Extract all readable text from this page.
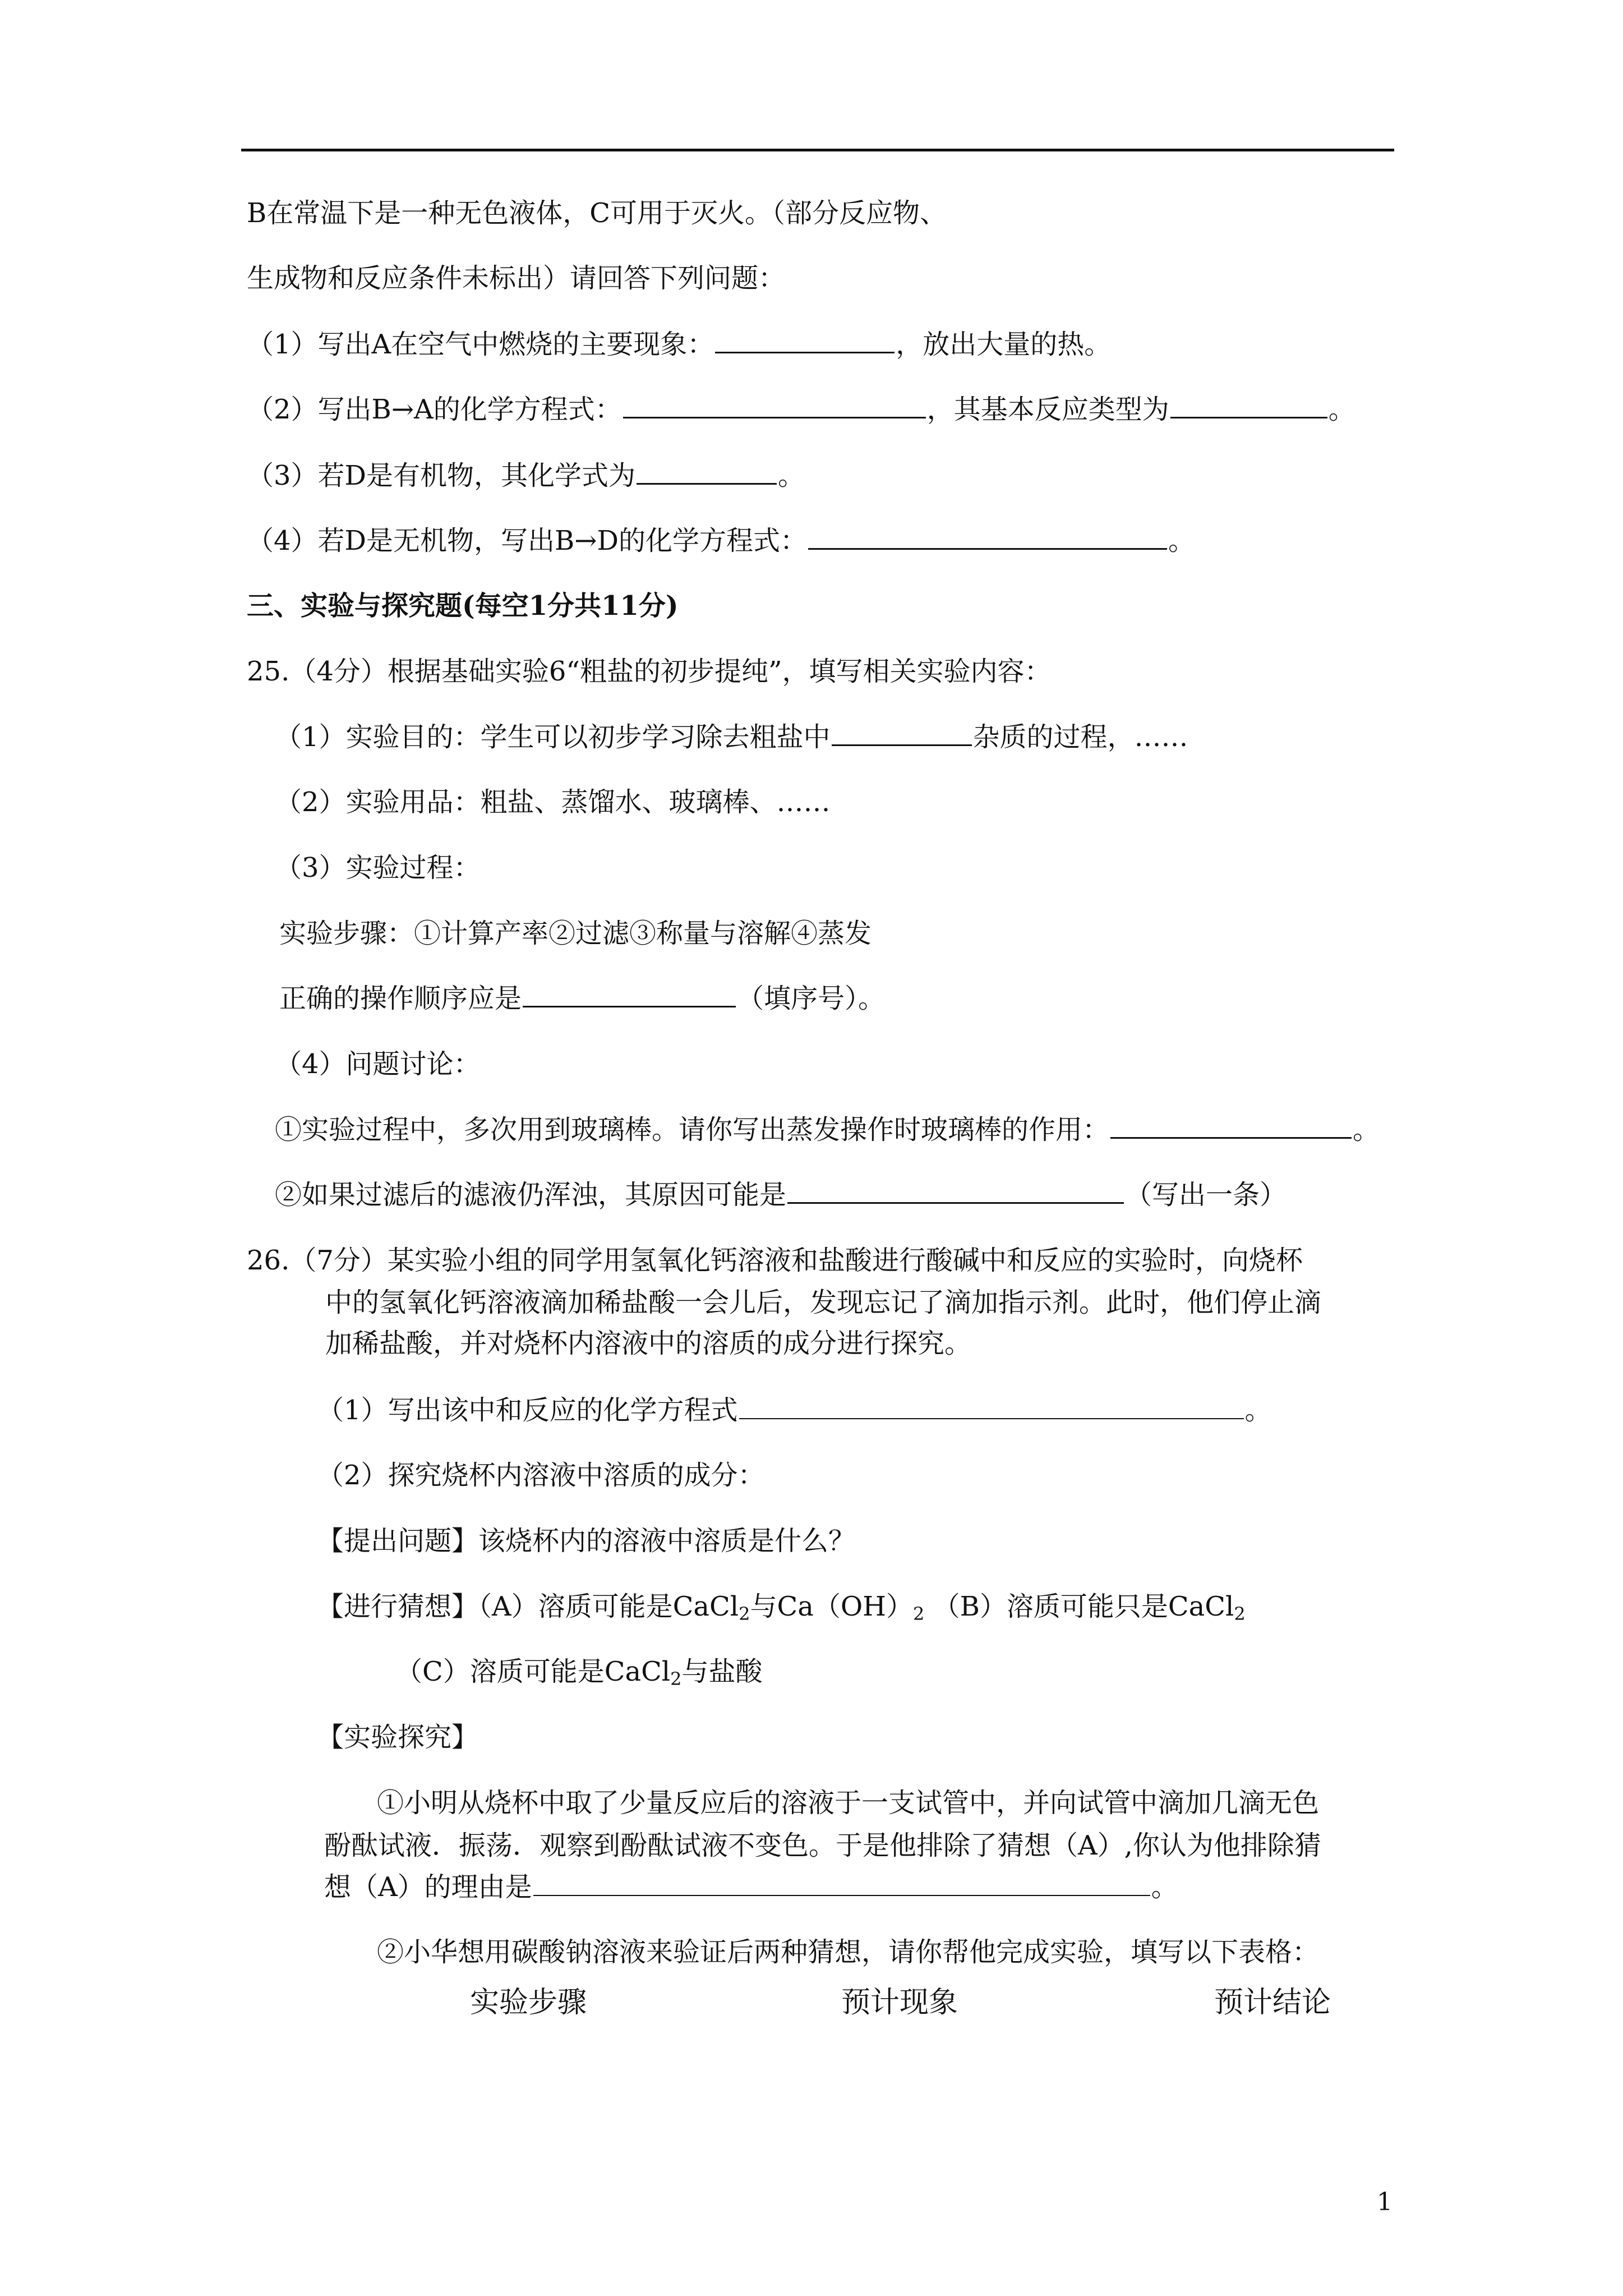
B在常温下是一种无色液体，C可用于灭火。（部分反应物、
生成物和反应条件未标出）请回答下列问题：
（1）写出A在空气中燃烧的主要现象：	，放出大量的热。
（2）写出B→A的化学方程式：	，其基本反应类型为	。
（3）若D是有机物，其化学式为	。
（4）若D是无机物，写出B→D的化学方程式：	。
三、实验与探究题(每空1分共11分)
25.（4分）根据基础实验6“粗盐的初步提纯”，填写相关实验内容：
（1）实验目的：学生可以初步学习除去粗盐中	杂质的过程，……
（2）实验用品：粗盐、蒸馏水、玻璃棒、……
（3）实验过程：
实验步骤：①计算产率②过滤③称量与溶解④蒸发
正确的操作顺序应是	（填序号）。
（4）问题讨论：
①实验过程中，多次用到玻璃棒。请你写出蒸发操作时玻璃棒的作用：	。
②如果过滤后的滤液仍浑浊，其原因可能是	（写出一条）
26.（7分）某实验小组的同学用氢氧化钙溶液和盐酸进行酸碱中和反应的实验时，向烧杯
中的氢氧化钙溶液滴加稀盐酸一会儿后，发现忘记了滴加指示剂。此时，他们停止滴
加稀盐酸，并对烧杯内溶液中的溶质的成分进行探究。
（1）写出该中和反应的化学方程式	。
（2）探究烧杯内溶液中溶质的成分：
【提出问题】该烧杯内的溶液中溶质是什么？
【进行猜想】（A）溶质可能是CaCl$_2$与$Ca(OH)_2$ （B）溶质可能只是CaCl$_2$
（C）溶质可能是CaCl$_2$与盐酸
【实验探究】
①小明从烧杯中取了少量反应后的溶液于一支试管中，并向试管中滴加几滴无色
酚酞试液．振荡．观察到酚酞试液不变色。于是他排除了猜想（A）,你认为他排除猜
想（A）的理由是	。
②小华想用碳酸钠溶液来验证后两种猜想，请你帮他完成实验，填写以下表格：
实验步骤	预计现象	预计结论
1
